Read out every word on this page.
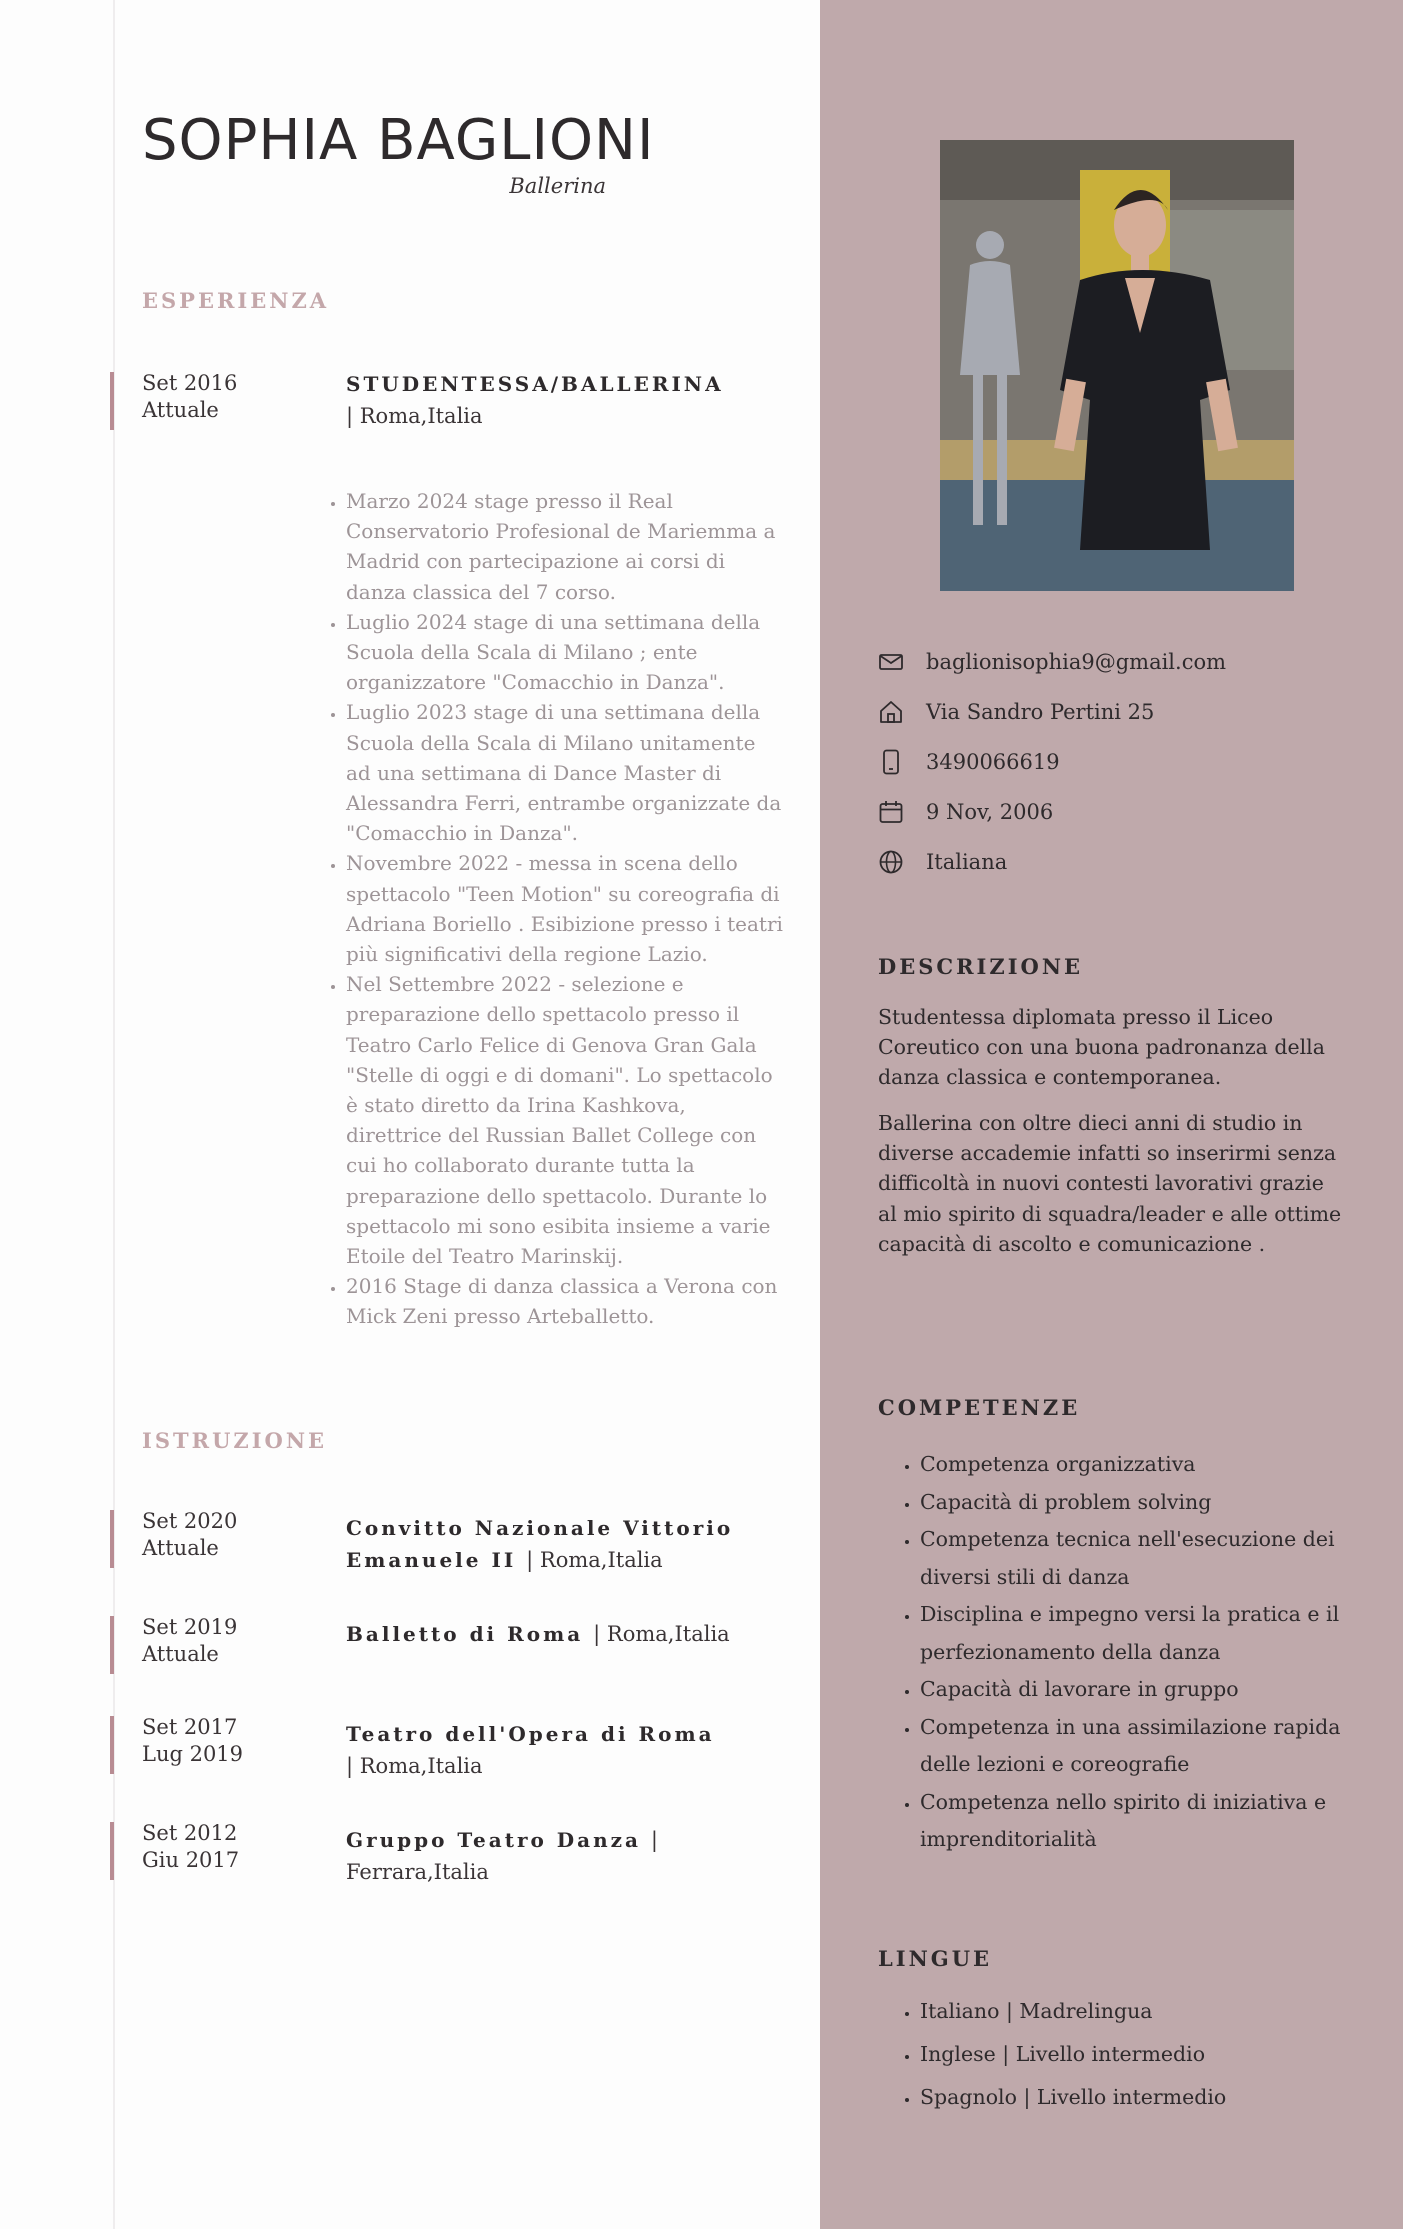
SOPHIA BAGLIONI
Ballerina
ESPERIENZA
Set 2016
Attuale
STUDENTESSA/BALLERINA
| Roma,Italia
• Marzo 2024 stage presso il Real Conservatorio Profesional de Mariemma a Madrid con partecipazione ai corsi di danza classica del 7 corso.
• Luglio 2024 stage di una settimana della Scuola della Scala di Milano ; ente organizzatore "Comacchio in Danza".
• Luglio 2023 stage di una settimana della Scuola della Scala di Milano unitamente ad una settimana di Dance Master di Alessandra Ferri, entrambe organizzate da "Comacchio in Danza".
• Novembre 2022 - messa in scena dello spettacolo "Teen Motion" su coreografia di Adriana Boriello . Esibizione presso i teatri più significativi della regione Lazio.
• Nel Settembre 2022 - selezione e preparazione dello spettacolo presso il Teatro Carlo Felice di Genova Gran Gala "Stelle di oggi e di domani". Lo spettacolo è stato diretto da Irina Kashkova, direttrice del Russian Ballet College con cui ho collaborato durante tutta la preparazione dello spettacolo. Durante lo spettacolo mi sono esibita insieme a varie Etoile del Teatro Marinskij.
• 2016 Stage di danza classica a Verona con Mick Zeni presso Arteballetto.
ISTRUZIONE
Set 2020
Attuale
Convitto Nazionale Vittorio Emanuele II | Roma,Italia
Set 2019
Attuale
Balletto di Roma | Roma,Italia
Set 2017
Lug 2019
Teatro dell'Opera di Roma
| Roma,Italia
Set 2012
Giu 2017
Gruppo Teatro Danza | Ferrara,Italia
baglionisophia9@gmail.com
Via Sandro Pertini 25
3490066619
9 Nov, 2006
Italiana
DESCRIZIONE

Studentessa diplomata presso il Liceo Coreutico con una buona padronanza della danza classica e contemporanea.

Ballerina con oltre dieci anni di studio in diverse accademie infatti so inserirmi senza difficoltà in nuovi contesti lavorativi grazie al mio spirito di squadra/leader e alle ottime capacità di ascolto e comunicazione .

COMPETENZE
• Competenza organizzativa
• Capacità di problem solving
• Competenza tecnica nell'esecuzione dei diversi stili di danza
• Disciplina e impegno versi la pratica e il perfezionamento della danza
• Capacità di lavorare in gruppo
• Competenza in una assimilazione rapida delle lezioni e coreografie
• Competenza nello spirito di iniziativa e imprenditorialità
LINGUE
• Italiano | Madrelingua
• Inglese | Livello intermedio
• Spagnolo | Livello intermedio
